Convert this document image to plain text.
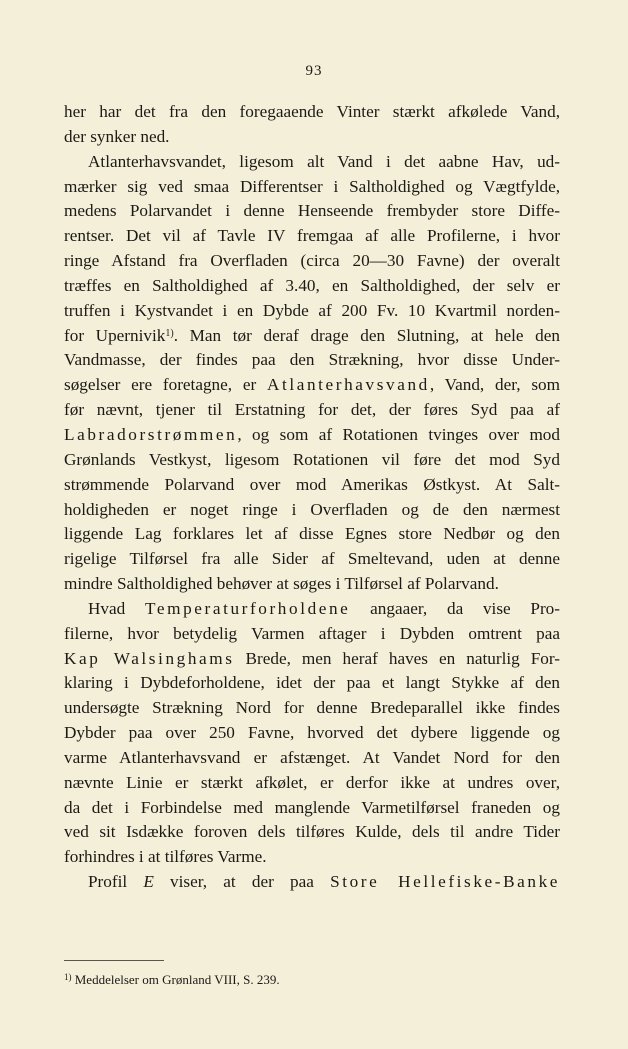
93
her har det fra den foregaaende Vinter stærkt afkølede Vand,
der synker ned.
Atlanterhavsvandet, ligesom alt Vand i det aabne Hav, ud-
mærker sig ved smaa Differentser i Saltholdighed og Vægtfylde,
medens Polarvandet i denne Henseende frembyder store Diffe-
rentser. Det vil af Tavle IV fremgaa af alle Profilerne, i hvor
ringe Afstand fra Overfladen (circa 20—30 Favne) der overalt
træffes en Saltholdighed af 3.40, en Saltholdighed, der selv er
truffen i Kystvandet i en Dybde af 200 Fv. 10 Kvartmil norden-
for Upernivik$^{1)}$. Man tør deraf drage den Slutning, at hele den
Vandmasse, der findes paa den Strækning, hvor disse Under-
søgelser ere foretagne, er Atlanterhavsvand, Vand, der, som
før nævnt, tjener til Erstatning for det, der føres Syd paa af
Labradorstrømmen, og som af Rotationen tvinges over mod
Grønlands Vestkyst, ligesom Rotationen vil føre det mod Syd
strømmende Polarvand over mod Amerikas Østkyst. At Salt-
holdigheden er noget ringe i Overfladen og de den nærmest
liggende Lag forklares let af disse Egnes store Nedbør og den
rigelige Tilførsel fra alle Sider af Smeltevand, uden at denne
mindre Saltholdighed behøver at søges i Tilførsel af Polarvand.
Hvad Temperaturforholdene angaaer, da vise Pro-
filerne, hvor betydelig Varmen aftager i Dybden omtrent paa
Kap Walsinghams Brede, men heraf haves en naturlig For-
klaring i Dybdeforholdene, idet der paa et langt Stykke af den
undersøgte Strækning Nord for denne Bredeparallel ikke findes
Dybder paa over 250 Favne, hvorved det dybere liggende og
varme Atlanterhavsvand er afstænget. At Vandet Nord for den
nævnte Linie er stærkt afkølet, er derfor ikke at undres over,
da det i Forbindelse med manglende Varmetilførsel franeden og
ved sit Isdække foroven dels tilføres Kulde, dels til andre Tider
forhindres i at tilføres Varme.
Profil E viser, at der paa Store Hellefiske-Banke
$^{1)}$ Meddelelser om Grønland VIII, S. 239.
